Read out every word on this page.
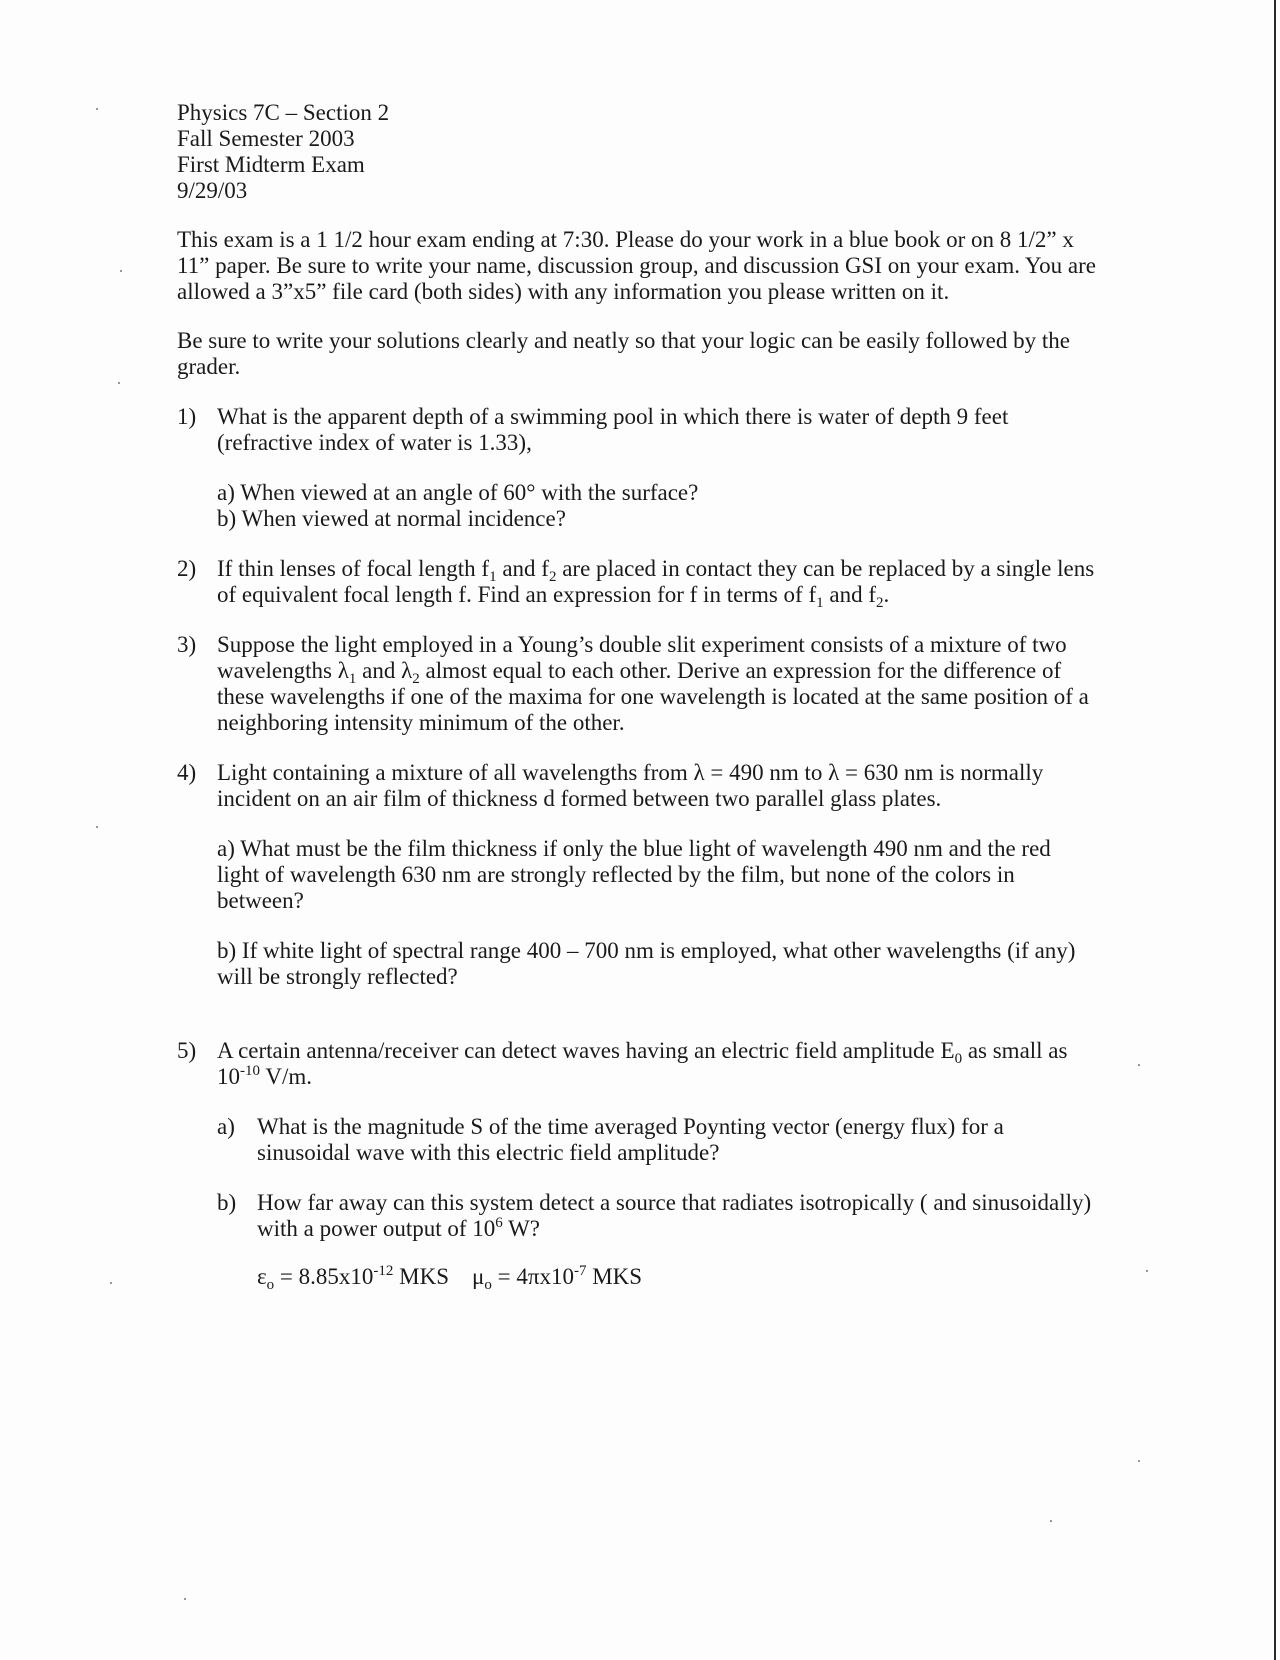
Physics 7C – Section 2

Fall Semester 2003

First Midterm Exam

9/29/03

This exam is a 1 1/2 hour exam ending at 7:30. Please do your work in a blue book or on 8 1/2” x 11” paper. Be sure to write your name, discussion group, and discussion GSI on your exam. You are allowed a 3”x5” file card (both sides) with any information you please written on it.

Be sure to write your solutions clearly and neatly so that your logic can be easily followed by the grader.

1) What is the apparent depth of a swimming pool in which there is water of depth 9 feet (refractive index of water is 1.33),

a) When viewed at an angle of 60° with the surface?

b) When viewed at normal incidence?

2) If thin lenses of focal length $f_1$ and $f_2$ are placed in contact they can be replaced by a single lens of equivalent focal length f. Find an expression for f in terms of $f_1$ and $f_2$.
3) Suppose the light employed in a Young’s double slit experiment consists of a mixture of two wavelengths $\lambda_1$ and $\lambda_2$ almost equal to each other. Derive an expression for the difference of these wavelengths if one of the maxima for one wavelength is located at the same position of a neighboring intensity minimum of the other.
4) Light containing a mixture of all wavelengths from λ = 490 nm to λ = 630 nm is normally incident on an air film of thickness d formed between two parallel glass plates.
a) What must be the film thickness if only the blue light of wavelength 490 nm and the red light of wavelength 630 nm are strongly reflected by the film, but none of the colors in between?
b) If white light of spectral range 400 – 700 nm is employed, what other wavelengths (if any) will be strongly reflected?
5) A certain antenna/receiver can detect waves having an electric field amplitude $E_0$ as small as $10^{-10}$ V/m.
a) What is the magnitude S of the time averaged Poynting vector (energy flux) for a sinusoidal wave with this electric field amplitude?
b) How far away can this system detect a source that radiates isotropically ( and sinusoidally) with a power output of $10^6$ W?
$\varepsilon_o = 8.85x10^{-12}$ MKS    $\mu_o = 4\pi x10^{-7}$ MKS
